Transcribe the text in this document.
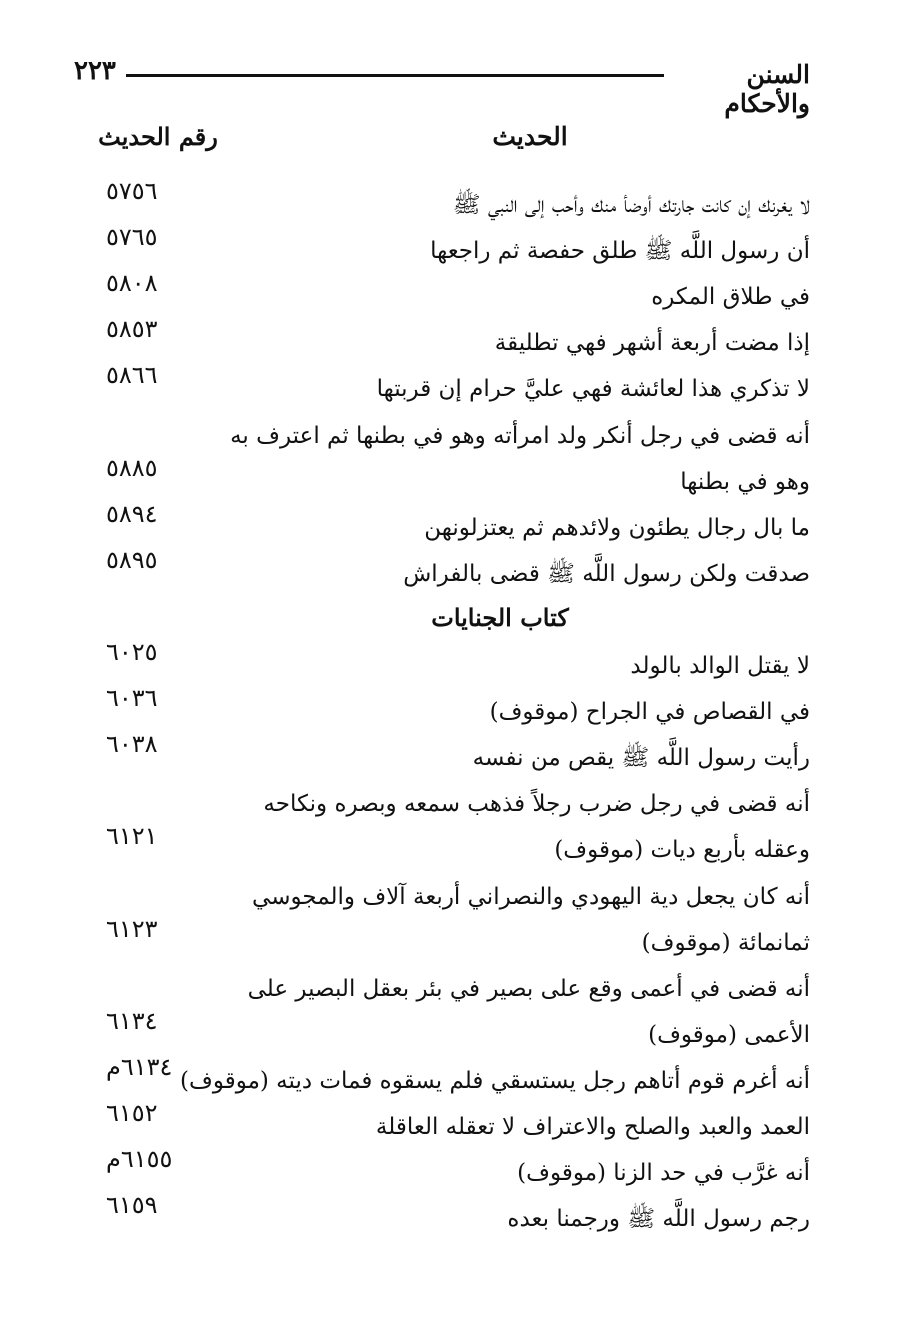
السنن والأحكام
٢٢٣
الحديث
رقم الحديث
لا يغرنك إن كانت جارتك أوضأ منك وأحب إلى النبي ﷺ
٥٧٥٦
أن رسول اللَّه ﷺ طلق حفصة ثم راجعها
٥٧٦٥
في طلاق المكره
٥٨٠٨
إذا مضت أربعة أشهر فهي تطليقة
٥٨٥٣
لا تذكري هذا لعائشة فهي عليَّ حرام إن قربتها
٥٨٦٦
أنه قضى في رجل أنكر ولد امرأته وهو في بطنها ثم اعترف به
وهو في بطنها
٥٨٨٥
ما بال رجال يطئون ولائدهم ثم يعتزلونهن
٥٨٩٤
صدقت ولكن رسول اللَّه ﷺ قضى بالفراش
٥٨٩٥
كتاب الجنايات
لا يقتل الوالد بالولد
٦٠٢٥
في القصاص في الجراح (موقوف)
٦٠٣٦
رأيت رسول اللَّه ﷺ يقص من نفسه
٦٠٣٨
أنه قضى في رجل ضرب رجلاً فذهب سمعه وبصره ونكاحه
وعقله بأربع ديات (موقوف)
٦١٢١
أنه كان يجعل دية اليهودي والنصراني أربعة آلاف والمجوسي
ثمانمائة (موقوف)
٦١٢٣
أنه قضى في أعمى وقع على بصير في بئر بعقل البصير على
الأعمى (موقوف)
٦١٣٤
أنه أغرم قوم أتاهم رجل يستسقي فلم يسقوه فمات ديته (موقوف)
٦١٣٤م
العمد والعبد والصلح والاعتراف لا تعقله العاقلة
٦١٥٢
أنه غرَّب في حد الزنا (موقوف)
٦١٥٥م
رجم رسول اللَّه ﷺ ورجمنا بعده
٦١٥٩
